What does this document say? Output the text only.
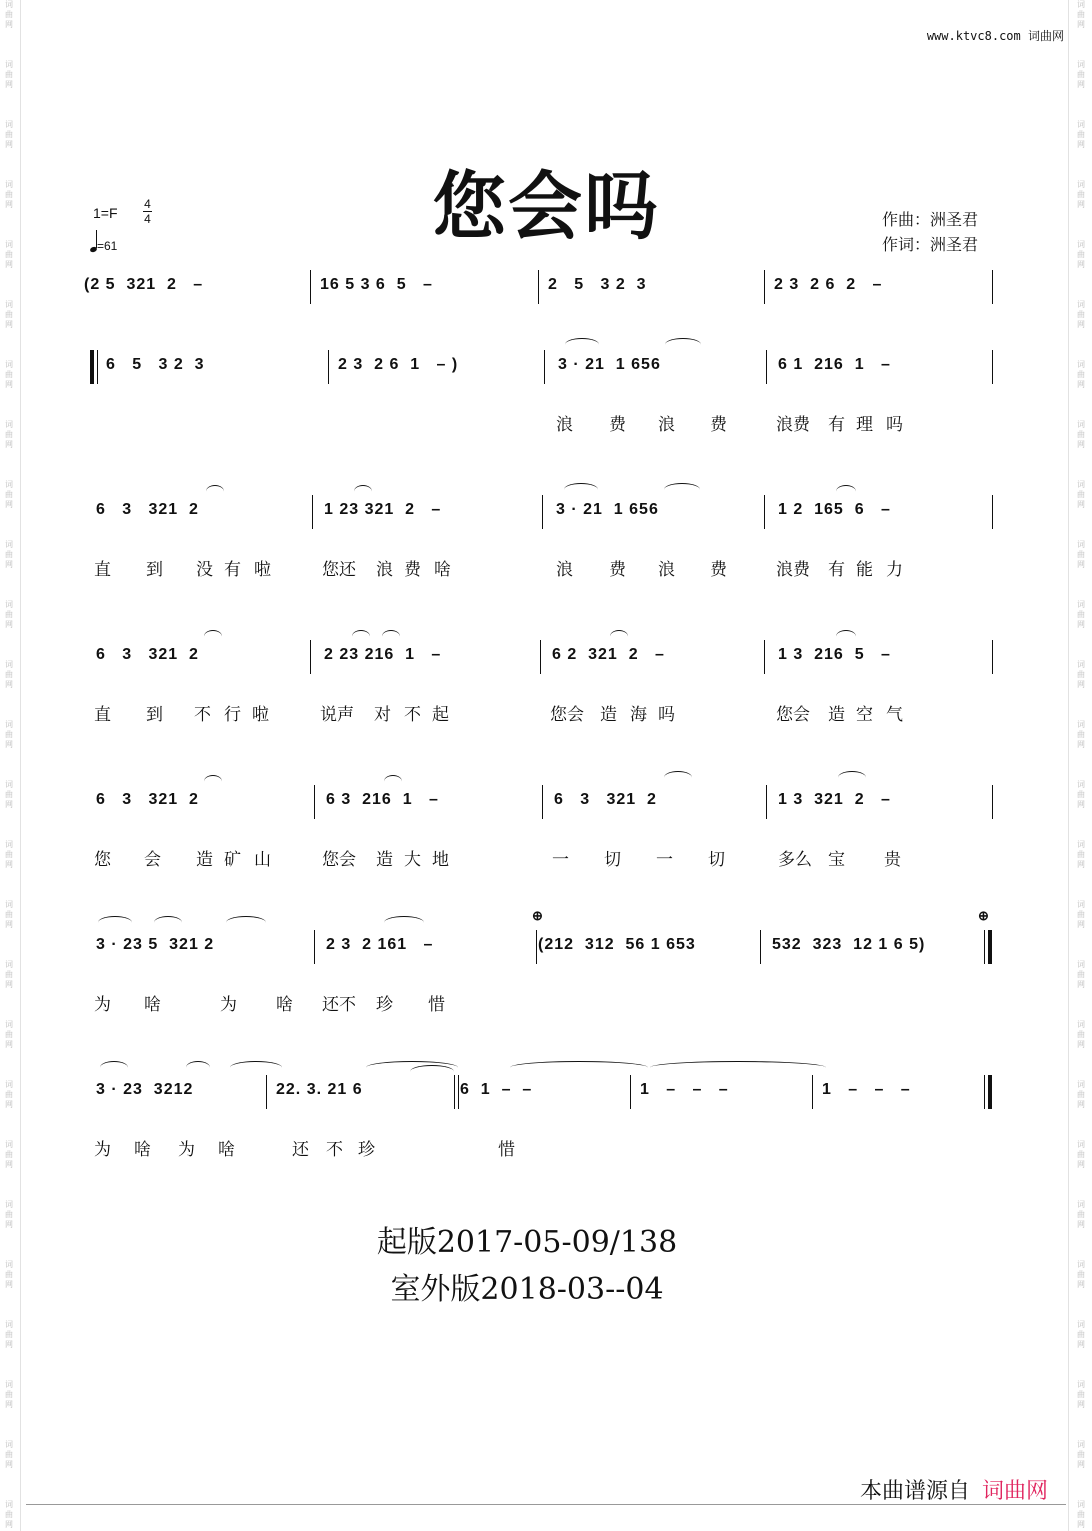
词
曲
网
词
曲
网
词
曲
网
词
曲
网
词
曲
网
词
曲
网
词
曲
网
词
曲
网
词
曲
网
词
曲
网
词
曲
网
词
曲
网
词
曲
网
词
曲
网
词
曲
网
词
曲
网
词
曲
网
词
曲
网
词
曲
网
词
曲
网
词
曲
网
词
曲
网
词
曲
网
词
曲
网
词
曲
网
词
曲
网
词
曲
网
词
曲
网
词
曲
网
词
曲
网
词
曲
网
词
曲
网
词
曲
网
词
曲
网
词
曲
网
词
曲
网
词
曲
网
词
曲
网
词
曲
网
词
曲
网
词
曲
网
词
曲
网
词
曲
网
词
曲
网
词
曲
网
词
曲
网
词
曲
网
词
曲
网
词
曲
网
词
曲
网
词
曲
网
词
曲
网
www.ktvc8.com 词曲网
您会吗
1=F
4
4
=61
作曲：洲圣君
作词：洲圣君
(2 5  321  2   –	16 5 3 6  5   –	2   5   3 2  3	2 3  2 6  2   –
6   5   3 2  3	2 3  2 6  1   – )	3 · 21  1 656	6 1  216  1   –
浪 费 浪 费	浪费 有 理 吗
6   3   321  2	1 23 321  2   –	3 · 21  1 656	1 2  165  6   –
直 到 没 有 啦	您还 浪 费 啥	浪 费 浪 费	浪费 有 能 力
6   3   321  2	2 23 216  1   –	6 2  321  2   –	1 3  216  5   –
直 到 不 行 啦	说声 对 不 起	您会 造 海 吗	您会 造 空 气
6   3   321  2	6 3  216  1   –	6   3   321  2	1 3  321  2   –
您 会 造 矿 山	您会 造 大 地	一 切 一 切	多么 宝 贵
3 · 23 5  321 2	2 3  2 161   –	(212  312  56 1 653	532  323  12 1 6 5)
⊕	⊕
为 啥	为 啥 还不 珍 惜
3 · 23  3212	22. 3. 21 6	6  1  –  –	1   –   –   –	1   –   –   –
为 啥 为 啥	还 不 珍	惜
起版2017-05-09/138
室外版2018-03--04
本曲谱源自 词曲网
